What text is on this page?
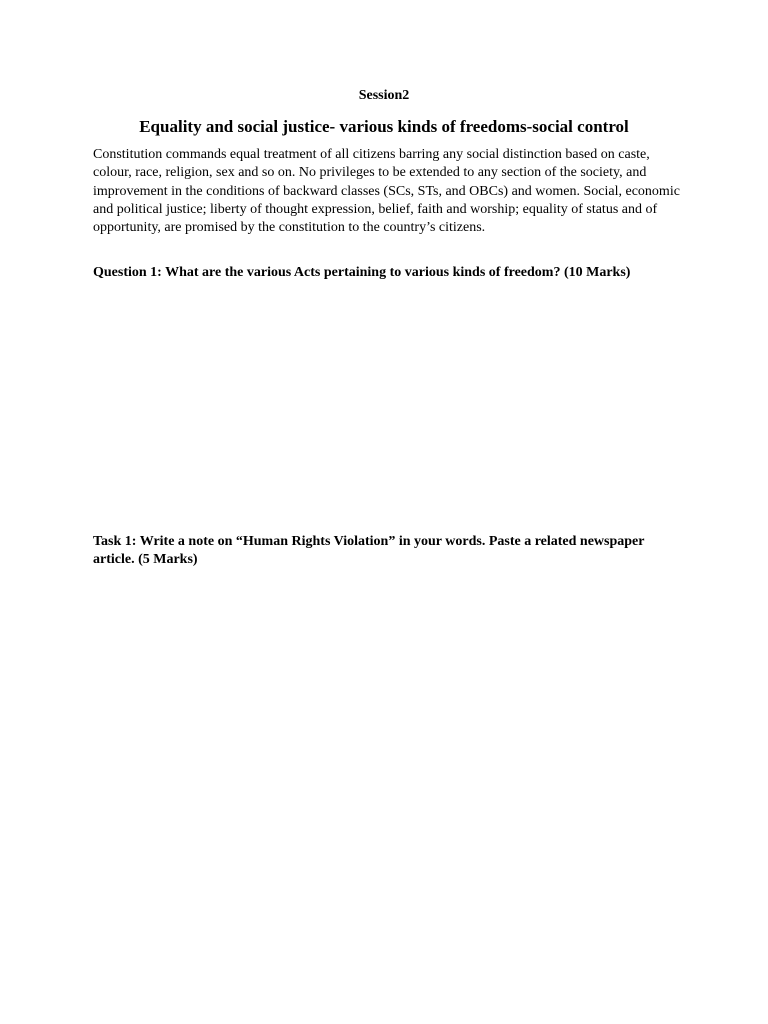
Session2
Equality and social justice- various kinds of freedoms-social control

Constitution commands equal treatment of all citizens barring any social distinction based on caste, colour, race, religion, sex and so on. No privileges to be extended to any section of the society, and improvement in the conditions of backward classes (SCs, STs, and OBCs) and women. Social, economic and political justice; liberty of thought expression, belief, faith and worship; equality of status and of opportunity, are promised by the constitution to the country’s citizens.

Question 1: What are the various Acts pertaining to various kinds of freedom? (10 Marks)

Task 1: Write a note on “Human Rights Violation” in your words. Paste a related newspaper article. (5 Marks)
